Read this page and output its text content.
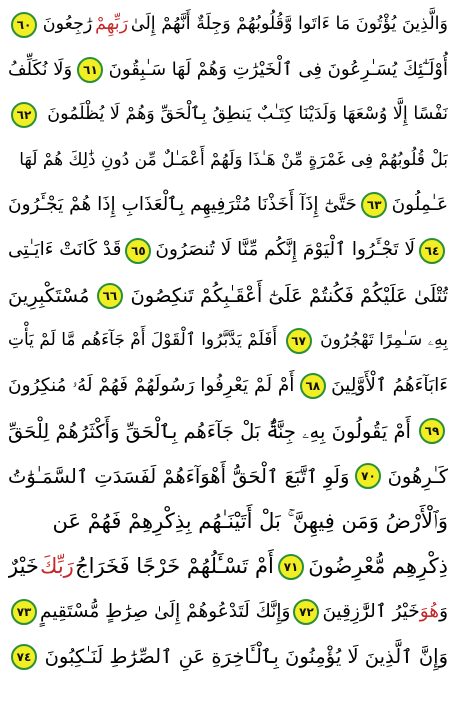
وَالَّذِينَ يُؤْتُونَ مَا ءَاتَوا وَّقُلُوبُهُمْ وَجِلَةٌ أَنَّهُمْ إِلَىٰ
رَبِّهِمْ
رَٰجِعُونَ
٦٠
أُوْلَـٰٓئِكَ يُسَـٰرِعُونَ فِى ٱلْخَيْرَٰتِ وَهُمْ لَهَا سَـٰبِقُونَ
٦١
وَلَا نُكَلِّفُ
نَفْسًا إِلَّا وُسْعَهَا وَلَدَيْنَا كِتَـٰبٌ يَنطِقُ بِٱلْحَقِّ وَهُمْ لَا يُظْلَمُونَ
٦٢
بَلْ قُلُوبُهُمْ فِى غَمْرَةٍ مِّنْ هَـٰذَا وَلَهُمْ أَعْمَـٰلٌ مِّن دُونِ ذَٰلِكَ هُمْ لَهَا
عَـٰمِلُونَ
٦٣
حَتَّىٰٓ إِذَآ أَخَذْنَا مُتْرَفِيهِم بِٱلْعَذَابِ إِذَا هُمْ يَجْـَٔرُونَ
٦٤
لَا تَجْـَٔرُوا ٱلْيَوْمَ إِنَّكُم مِّنَّا لَا تُنصَرُونَ
٦٥
قَدْ كَانَتْ ءَايَـٰتِى
تُتْلَىٰ عَلَيْكُمْ فَكُنتُمْ عَلَىٰٓ أَعْقَـٰبِكُمْ تَنكِصُونَ
٦٦
مُسْتَكْبِرِينَ
بِهِۦ سَـٰمِرًا تَهْجُرُونَ
٦٧
أَفَلَمْ يَدَّبَّرُوا ٱلْقَوْلَ أَمْ جَآءَهُم مَّا لَمْ يَأْتِ
ءَابَآءَهُمُ ٱلْأَوَّلِينَ
٦٨
أَمْ لَمْ يَعْرِفُوا رَسُولَهُمْ فَهُمْ لَهُۥ مُنكِرُونَ
٦٩
أَمْ يَقُولُونَ بِهِۦ جِنَّةٌۢ بَلْ جَآءَهُم بِٱلْحَقِّ وَأَكْثَرُهُمْ لِلْحَقِّ
كَـٰرِهُونَ
٧٠
وَلَوِ ٱتَّبَعَ ٱلْحَقُّ أَهْوَآءَهُمْ لَفَسَدَتِ ٱلسَّمَـٰوَٰتُ
وَٱلْأَرْضُ وَمَن فِيهِنَّ ۚ بَلْ أَتَيْنَـٰهُم بِذِكْرِهِمْ فَهُمْ عَن
ذِكْرِهِم مُّعْرِضُونَ
٧١
أَمْ تَسْـَٔلُهُمْ خَرْجًا فَخَرَاجُ
رَبِّكَ
خَيْرٌ
وَ
هُوَ
خَيْرُ ٱلرَّٰزِقِينَ
٧٢
وَإِنَّكَ لَتَدْعُوهُمْ إِلَىٰ صِرَٰطٍ مُّسْتَقِيمٍ
٧٣
وَإِنَّ ٱلَّذِينَ لَا يُؤْمِنُونَ بِٱلْـَٔاخِرَةِ عَنِ ٱلصِّرَٰطِ لَنَـٰكِبُونَ
٧٤
